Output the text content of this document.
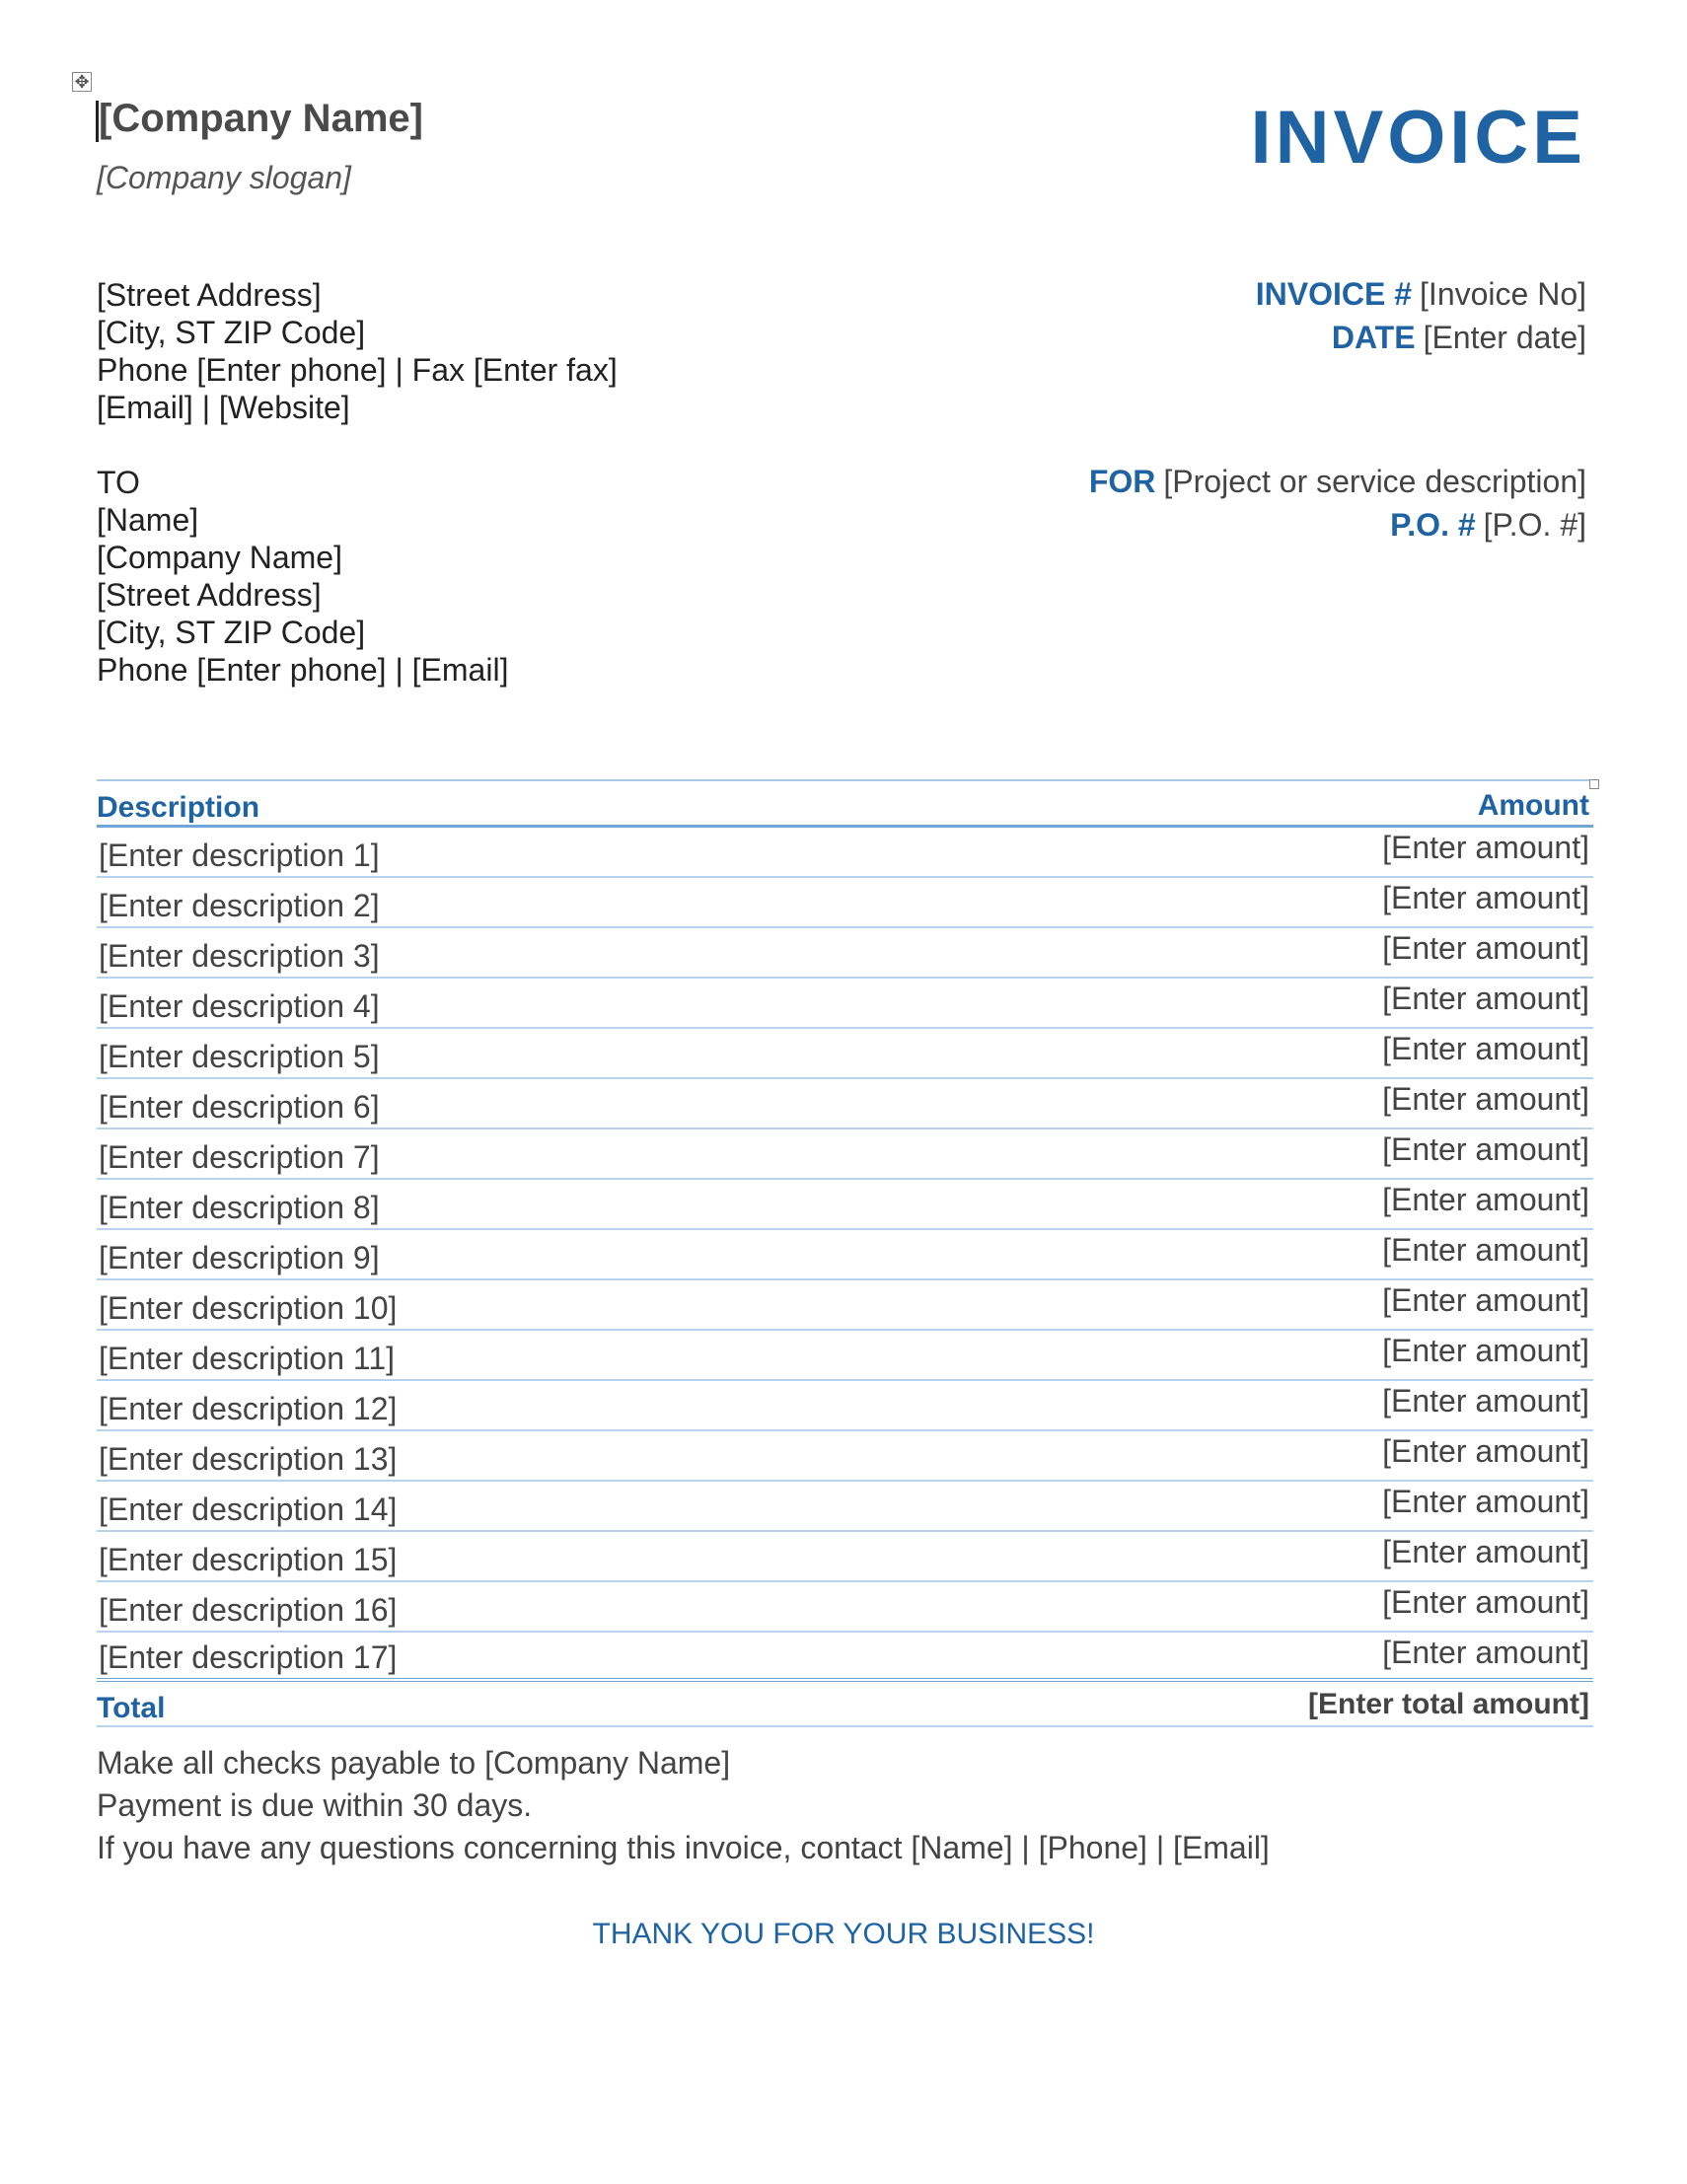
✥
[Company Name]
[Company slogan]	INVOICE
[Street Address]
[City, ST ZIP Code]
Phone [Enter phone] | Fax [Enter fax]
[Email] | [Website]
INVOICE # [Invoice No]
DATE [Enter date]
FOR [Project or service description]
P.O. # [P.O. #]
TO
[Name]
[Company Name]
[Street Address]
[City, ST ZIP Code]
Phone [Enter phone] | [Email]
Description	Amount
[Enter description 1]	[Enter amount]
[Enter description 2]	[Enter amount]
[Enter description 3]	[Enter amount]
[Enter description 4]	[Enter amount]
[Enter description 5]	[Enter amount]
[Enter description 6]	[Enter amount]
[Enter description 7]	[Enter amount]
[Enter description 8]	[Enter amount]
[Enter description 9]	[Enter amount]
[Enter description 10]	[Enter amount]
[Enter description 11]	[Enter amount]
[Enter description 12]	[Enter amount]
[Enter description 13]	[Enter amount]
[Enter description 14]	[Enter amount]
[Enter description 15]	[Enter amount]
[Enter description 16]	[Enter amount]
[Enter description 17]	[Enter amount]
Total	[Enter total amount]
Make all checks payable to [Company Name]
Payment is due within 30 days.
If you have any questions concerning this invoice, contact [Name] | [Phone] | [Email]
THANK YOU FOR YOUR BUSINESS!
